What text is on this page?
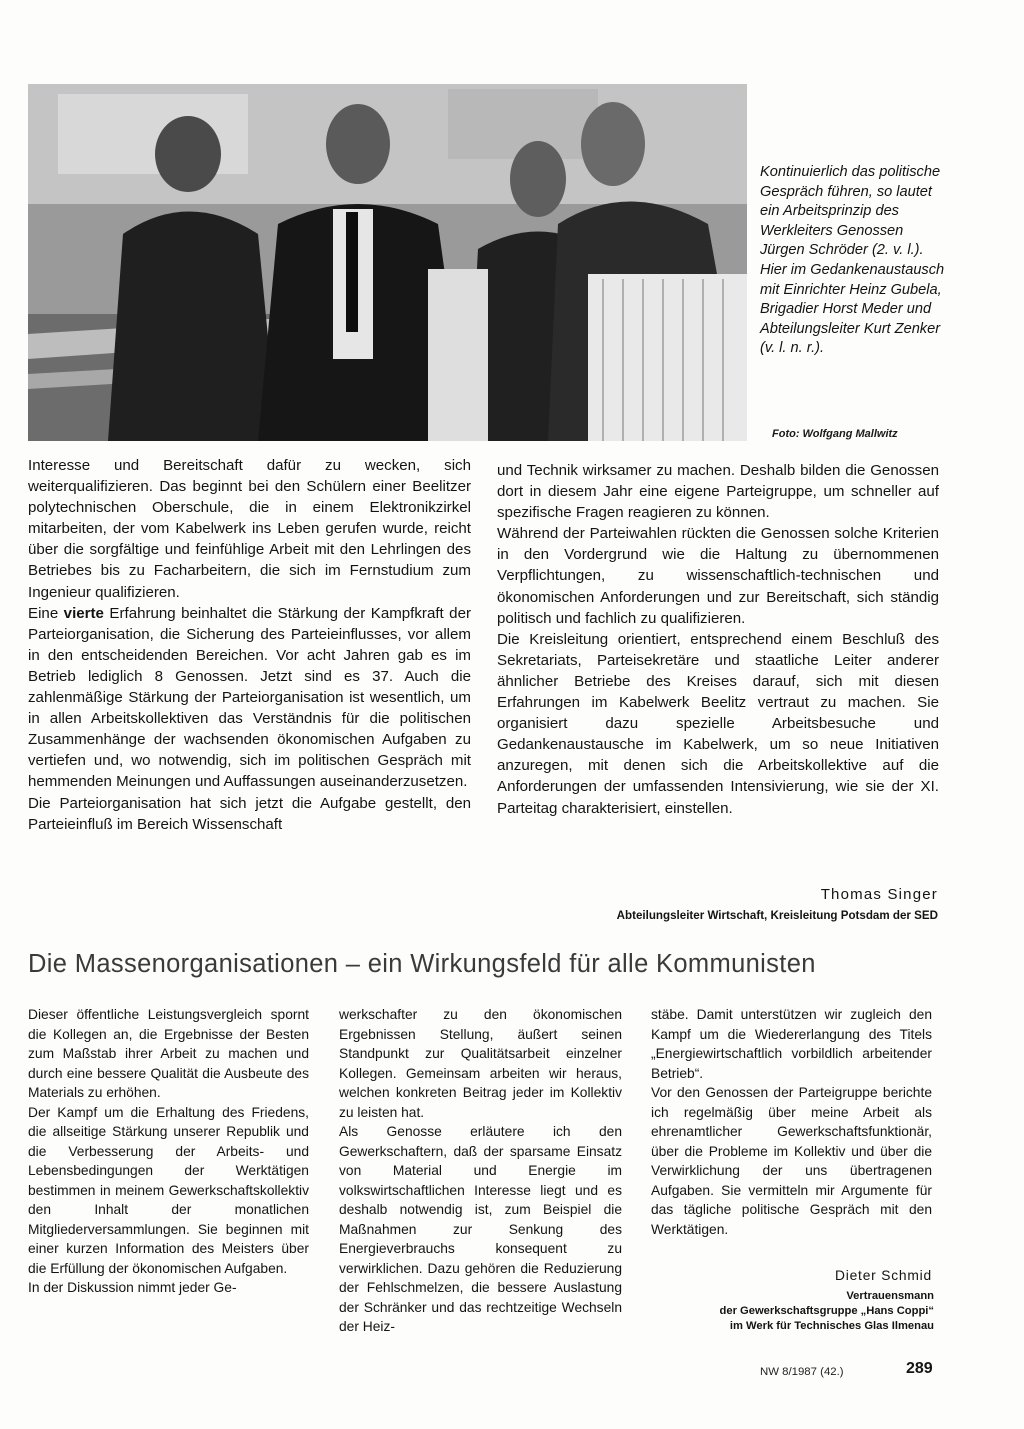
Kontinuierlich das politische Gespräch führen, so lautet ein Arbeitsprinzip des Werkleiters Genossen Jürgen Schröder (2. v. l.). Hier im Gedankenaustausch mit Einrichter Heinz Gubela, Brigadier Horst Meder und Abteilungsleiter Kurt Zenker (v. l. n. r.).
Foto: Wolfgang Mallwitz

Interesse und Bereitschaft dafür zu wecken, sich weiterqualifizieren. Das beginnt bei den Schülern einer Beelitzer polytechnischen Oberschule, die in einem Elektronikzirkel mitarbeiten, der vom Kabelwerk ins Leben gerufen wurde, reicht über die sorgfältige und feinfühlige Arbeit mit den Lehrlingen des Betriebes bis zu Facharbeitern, die sich im Fernstudium zum Ingenieur qualifizieren.

Eine vierte Erfahrung beinhaltet die Stärkung der Kampfkraft der Parteiorganisation, die Sicherung des Parteieinflusses, vor allem in den entscheidenden Bereichen. Vor acht Jahren gab es im Betrieb lediglich 8 Genossen. Jetzt sind es 37. Auch die zahlenmäßige Stärkung der Parteiorganisation ist wesentlich, um in allen Arbeitskollektiven das Verständnis für die politischen Zusammenhänge der wachsenden ökonomischen Aufgaben zu vertiefen und, wo notwendig, sich im politischen Gespräch mit hemmenden Meinungen und Auffassungen auseinanderzusetzen.

Die Parteiorganisation hat sich jetzt die Aufgabe gestellt, den Parteieinfluß im Bereich Wissenschaft

und Technik wirksamer zu machen. Deshalb bilden die Genossen dort in diesem Jahr eine eigene Parteigruppe, um schneller auf spezifische Fragen reagieren zu können.

Während der Parteiwahlen rückten die Genossen solche Kriterien in den Vordergrund wie die Haltung zu übernommenen Verpflichtungen, zu wissenschaftlich-technischen und ökonomischen Anforderungen und zur Bereitschaft, sich ständig politisch und fachlich zu qualifizieren.

Die Kreisleitung orientiert, entsprechend einem Beschluß des Sekretariats, Parteisekretäre und staatliche Leiter anderer ähnlicher Betriebe des Kreises darauf, sich mit diesen Erfahrungen im Kabelwerk Beelitz vertraut zu machen. Sie organisiert dazu spezielle Arbeitsbesuche und Gedankenaustausche im Kabelwerk, um so neue Initiativen anzuregen, mit denen sich die Arbeitskollektive auf die Anforderungen der umfassenden Intensivierung, wie sie der XI. Parteitag charakterisiert, einstellen.

Thomas Singer
Abteilungsleiter Wirtschaft, Kreisleitung Potsdam der SED
Die Massenorganisationen – ein Wirkungsfeld für alle Kommunisten

Dieser öffentliche Leistungsvergleich spornt die Kollegen an, die Ergebnisse der Besten zum Maßstab ihrer Arbeit zu machen und durch eine bessere Qualität die Ausbeute des Materials zu erhöhen.

Der Kampf um die Erhaltung des Friedens, die allseitige Stärkung unserer Republik und die Verbesserung der Arbeits- und Lebensbedingungen der Werktätigen bestimmen in meinem Gewerkschaftskollektiv den Inhalt der monatlichen Mitgliederversammlungen. Sie beginnen mit einer kurzen Information des Meisters über die Erfüllung der ökonomischen Aufgaben.

In der Diskussion nimmt jeder Ge-

werkschafter zu den ökonomischen Ergebnissen Stellung, äußert seinen Standpunkt zur Qualitätsarbeit einzelner Kollegen. Gemeinsam arbeiten wir heraus, welchen konkreten Beitrag jeder im Kollektiv zu leisten hat.

Als Genosse erläutere ich den Gewerkschaftern, daß der sparsame Einsatz von Material und Energie im volkswirtschaftlichen Interesse liegt und es deshalb notwendig ist, zum Beispiel die Maßnahmen zur Senkung des Energieverbrauchs konsequent zu verwirklichen. Dazu gehören die Reduzierung der Fehlschmelzen, die bessere Auslastung der Schränker und das rechtzeitige Wechseln der Heiz-

stäbe. Damit unterstützen wir zugleich den Kampf um die Wiedererlangung des Titels „Energiewirtschaftlich vorbildlich arbeitender Betrieb“.

Vor den Genossen der Parteigruppe berichte ich regelmäßig über meine Arbeit als ehrenamtlicher Gewerkschaftsfunktionär, über die Probleme im Kollektiv und über die Verwirklichung der uns übertragenen Aufgaben. Sie vermitteln mir Argumente für das tägliche politische Gespräch mit den Werktätigen.

Dieter Schmid
Vertrauensmann
der Gewerkschaftsgruppe „Hans Coppi“
im Werk für Technisches Glas Ilmenau
NW 8/1987 (42.)	289
